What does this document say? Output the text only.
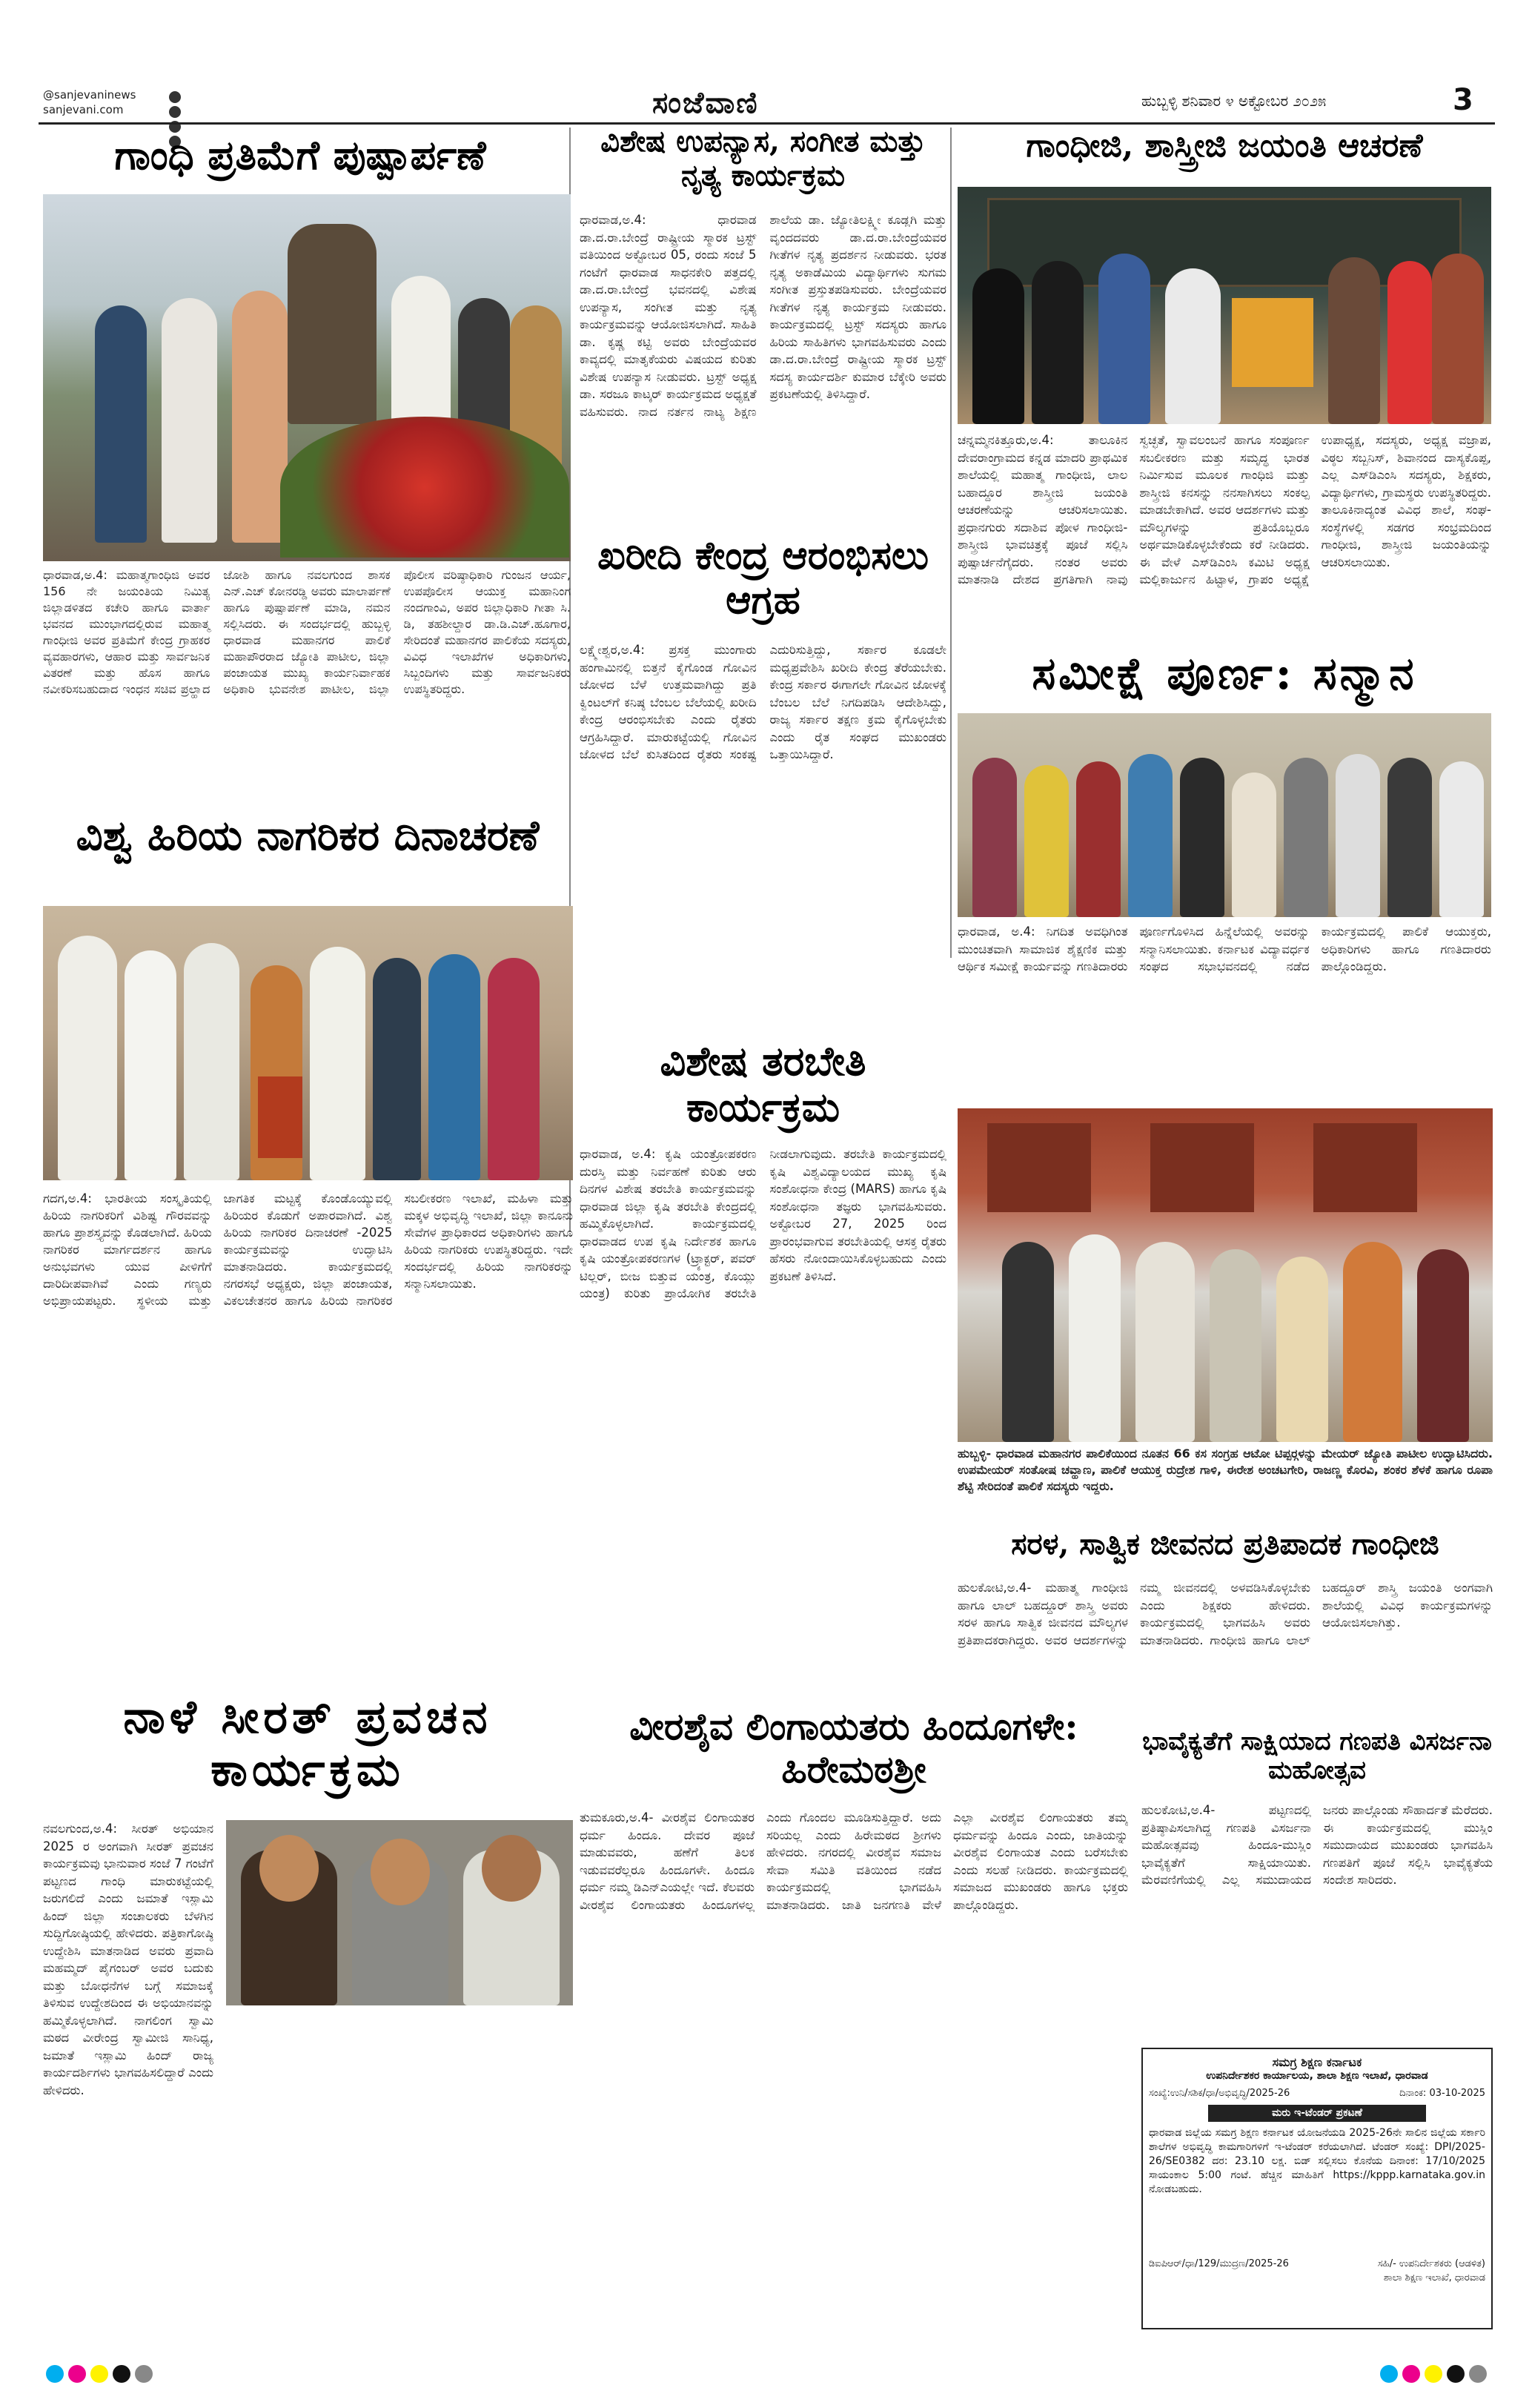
@sanjevaninews
sanjevani.com	ಸಂಜೆವಾಣಿ	ಹುಬ್ಬಳ್ಳಿ ಶನಿವಾರ ೪ ಅಕ್ಟೋಬರ ೨೦೨೫	3
ಗಾಂಧಿ ಪ್ರತಿಮೆಗೆ ಪುಷ್ಪಾರ್ಪಣೆ
ಧಾರವಾಡ,ಅ.4: ಮಹಾತ್ಮಗಾಂಧಿಜಿ ಅವರ 156 ನೇ ಜಯಂತಿಯ ನಿಮಿತ್ಯ ಜಿಲ್ಲಾಡಳಿತದ ಕಚೇರಿ ಹಾಗೂ ವಾರ್ತಾ ಭವನದ ಮುಂಭಾಗದಲ್ಲಿರುವ ಮಹಾತ್ಮ ಗಾಂಧೀಜಿ ಅವರ ಪ್ರತಿಮೆಗೆ ಕೇಂದ್ರ ಗ್ರಾಹಕರ ವ್ಯವಹಾರಗಳು, ಆಹಾರ ಮತ್ತು ಸಾರ್ವಜನಿಕ ವಿತರಣೆ ಮತ್ತು ಹೊಸ ಹಾಗೂ ನವೀಕರಿಸಬಹುದಾದ ಇಂಧನ ಸಚಿವ ಪ್ರಲ್ಹಾದ ಜೋಶಿ ಹಾಗೂ ನವಲಗುಂದ ಶಾಸಕ ಎನ್.ಎಚ್ ಕೋನರಡ್ಡಿ ಅವರು ಮಾಲಾರ್ಪಣೆ ಹಾಗೂ ಪುಷ್ಪಾರ್ಪಣೆ ಮಾಡಿ, ನಮನ ಸಲ್ಲಿಸಿದರು. ಈ ಸಂದರ್ಭದಲ್ಲಿ ಹುಬ್ಬಳ್ಳಿ ಧಾರವಾಡ ಮಹಾನಗರ ಪಾಲಿಕೆ ಮಹಾಪೌರರಾದ ಜ್ಯೋತಿ ಪಾಟೀಲ, ಜಿಲ್ಲಾ ಪಂಚಾಯತ ಮುಖ್ಯ ಕಾರ್ಯನಿರ್ವಾಹಕ ಅಧಿಕಾರಿ ಭುವನೇಶ ಪಾಟೀಲ, ಜಿಲ್ಲಾ ಪೊಲೀಸ ವರಿಷ್ಠಾಧಿಕಾರಿ ಗುಂಜನ ಆರ್ಯ, ಉಪಪೊಲೀಸ ಆಯುಕ್ತ ಮಹಾನಿಂಗ ನಂದಗಾಂವಿ, ಅಪರ ಜಿಲ್ಲಾಧಿಕಾರಿ ಗೀತಾ ಸಿ. ಡಿ, ತಹಶೀಲ್ದಾರ ಡಾ.ಡಿ.ಎಚ್.ಹೂಗಾರ, ಸೇರಿದಂತೆ ಮಹಾನಗರ ಪಾಲಿಕೆಯ ಸದಸ್ಯರು, ವಿವಿಧ ಇಲಾಖೆಗಳ ಅಧಿಕಾರಿಗಳು, ಸಿಬ್ಬಂದಿಗಳು ಮತ್ತು ಸಾರ್ವಜನಿಕರು ಉಪಸ್ಥಿತರಿದ್ದರು.
ವಿಶ್ವ ಹಿರಿಯ ನಾಗರಿಕರ ದಿನಾಚರಣೆ
ಗದಗ,ಅ.4: ಭಾರತೀಯ ಸಂಸ್ಕೃತಿಯಲ್ಲಿ ಹಿರಿಯ ನಾಗರಿಕರಿಗೆ ವಿಶಿಷ್ಟ ಗೌರವವನ್ನು ಹಾಗೂ ಪ್ರಾಶಸ್ತ್ಯವನ್ನು ಕೊಡಲಾಗಿದೆ. ಹಿರಿಯ ನಾಗರಿಕರ ಮಾರ್ಗದರ್ಶನ ಹಾಗೂ ಅನುಭವಗಳು ಯುವ ಪೀಳಿಗೆಗೆ ದಾರಿದೀಪವಾಗಿವೆ ಎಂದು ಗಣ್ಯರು ಅಭಿಪ್ರಾಯಪಟ್ಟರು. ಸ್ಥಳೀಯ ಮತ್ತು ಜಾಗತಿಕ ಮಟ್ಟಕ್ಕೆ ಕೊಂಡೊಯ್ಯುವಲ್ಲಿ ಹಿರಿಯರ ಕೊಡುಗೆ ಅಪಾರವಾಗಿದೆ. ವಿಶ್ವ ಹಿರಿಯ ನಾಗರಿಕರ ದಿನಾಚರಣೆ -2025 ಕಾರ್ಯಕ್ರಮವನ್ನು ಉದ್ಘಾಟಿಸಿ ಮಾತನಾಡಿದರು. ಕಾರ್ಯಕ್ರಮದಲ್ಲಿ ನಗರಸಭೆ ಅಧ್ಯಕ್ಷರು, ಜಿಲ್ಲಾ ಪಂಚಾಯತ, ವಿಕಲಚೇತನರ ಹಾಗೂ ಹಿರಿಯ ನಾಗರಿಕರ ಸಬಲೀಕರಣ ಇಲಾಖೆ, ಮಹಿಳಾ ಮತ್ತು ಮಕ್ಕಳ ಅಭಿವೃದ್ಧಿ ಇಲಾಖೆ, ಜಿಲ್ಲಾ ಕಾನೂನು ಸೇವೆಗಳ ಪ್ರಾಧಿಕಾರದ ಅಧಿಕಾರಿಗಳು ಹಾಗೂ ಹಿರಿಯ ನಾಗರಿಕರು ಉಪಸ್ಥಿತರಿದ್ದರು. ಇದೇ ಸಂದರ್ಭದಲ್ಲಿ ಹಿರಿಯ ನಾಗರಿಕರನ್ನು ಸನ್ಮಾನಿಸಲಾಯಿತು.
ನಾಳೆ ಸೀರತ್ ಪ್ರವಚನ ಕಾರ್ಯಕ್ರಮ
ನವಲಗುಂದ,ಅ.4: ಸೀರತ್ ಅಭಿಯಾನ 2025 ರ ಅಂಗವಾಗಿ ಸೀರತ್ ಪ್ರವಚನ ಕಾರ್ಯಕ್ರಮವು ಭಾನುವಾರ ಸಂಜೆ 7 ಗಂಟೆಗೆ ಪಟ್ಟಣದ ಗಾಂಧಿ ಮಾರುಕಟ್ಟೆಯಲ್ಲಿ ಜರುಗಲಿದೆ ಎಂದು ಜಮಾತೆ ಇಸ್ಲಾಮಿ ಹಿಂದ್ ಜಿಲ್ಲಾ ಸಂಚಾಲಕರು ಬೆಳಗಿನ ಸುದ್ದಿಗೋಷ್ಠಿಯಲ್ಲಿ ಹೇಳಿದರು. ಪತ್ರಿಕಾಗೋಷ್ಠಿ ಉದ್ದೇಶಿಸಿ ಮಾತನಾಡಿದ ಅವರು ಪ್ರವಾದಿ ಮಹಮ್ಮದ್ ಪೈಗಂಬರ್ ಅವರ ಬದುಕು ಮತ್ತು ಬೋಧನೆಗಳ ಬಗ್ಗೆ ಸಮಾಜಕ್ಕೆ ತಿಳಿಸುವ ಉದ್ದೇಶದಿಂದ ಈ ಅಭಿಯಾನವನ್ನು ಹಮ್ಮಿಕೊಳ್ಳಲಾಗಿದೆ. ನಾಗಲಿಂಗ ಸ್ವಾಮಿ ಮಠದ ವೀರೇಂದ್ರ ಸ್ವಾಮೀಜಿ ಸಾನಿಧ್ಯ, ಜಮಾತೆ ಇಸ್ಲಾಮಿ ಹಿಂದ್ ರಾಜ್ಯ ಕಾರ್ಯದರ್ಶಿಗಳು ಭಾಗವಹಿಸಲಿದ್ದಾರೆ ಎಂದು ಹೇಳಿದರು.
ವಿಶೇಷ ಉಪನ್ಯಾಸ, ಸಂಗೀತ ಮತ್ತು ನೃತ್ಯ ಕಾರ್ಯಕ್ರಮ
ಧಾರವಾಡ,ಅ.4: ಧಾರವಾಡ ಡಾ.ದ.ರಾ.ಬೇಂದ್ರೆ ರಾಷ್ಟ್ರೀಯ ಸ್ಮಾರಕ ಟ್ರಸ್ಟ್ ವತಿಯಿಂದ ಅಕ್ಟೋಬರ 05, ರಂದು ಸಂಜೆ 5 ಗಂಟೆಗೆ ಧಾರವಾಡ ಸಾಧನಕೇರಿ ಪತ್ತದಲ್ಲಿ ಡಾ.ದ.ರಾ.ಬೇಂದ್ರೆ ಭವನದಲ್ಲಿ ವಿಶೇಷ ಉಪನ್ಯಾಸ, ಸಂಗೀತ ಮತ್ತು ನೃತ್ಯ ಕಾರ್ಯಕ್ರಮವನ್ನು ಆಯೋಜಿಸಲಾಗಿದೆ. ಸಾಹಿತಿ ಡಾ. ಕೃಷ್ಣ ಕಟ್ಟಿ ಅವರು ಬೇಂದ್ರೆಯವರ ಕಾವ್ಯದಲ್ಲಿ ಮಾತೃಕೆಯರು ವಿಷಯದ ಕುರಿತು ವಿಶೇಷ ಉಪನ್ಯಾಸ ನೀಡುವರು. ಟ್ರಸ್ಟ್ ಅಧ್ಯಕ್ಷ ಡಾ. ಸರಜೂ ಕಾಟ್ಕರ್ ಕಾರ್ಯಕ್ರಮದ ಅಧ್ಯಕ್ಷತೆ ವಹಿಸುವರು. ನಾದ ನರ್ತನ ನಾಟ್ಯ ಶಿಕ್ಷಣ ಶಾಲೆಯ ಡಾ. ಜ್ಯೋತಿಲಕ್ಷ್ಮೀ ಕೂಡ್ಲಗಿ ಮತ್ತು ವೃಂದದವರು ಡಾ.ದ.ರಾ.ಬೇಂದ್ರೆಯವರ ಗೀತೆಗಳ ನೃತ್ಯ ಪ್ರದರ್ಶನ ನೀಡುವರು. ಭರತ ನೃತ್ಯ ಅಕಾಡೆಮಿಯ ವಿದ್ಯಾರ್ಥಿಗಳು ಸುಗಮ ಸಂಗೀತ ಪ್ರಸ್ತುತಪಡಿಸುವರು. ಬೇಂದ್ರೆಯವರ ಗೀತೆಗಳ ನೃತ್ಯ ಕಾರ್ಯಕ್ರಮ ನೀಡುವರು. ಕಾರ್ಯಕ್ರಮದಲ್ಲಿ ಟ್ರಸ್ಟ್ ಸದಸ್ಯರು ಹಾಗೂ ಹಿರಿಯ ಸಾಹಿತಿಗಳು ಭಾಗವಹಿಸುವರು ಎಂದು ಡಾ.ದ.ರಾ.ಬೇಂದ್ರೆ ರಾಷ್ಟ್ರೀಯ ಸ್ಮಾರಕ ಟ್ರಸ್ಟ್ ಸದಸ್ಯ ಕಾರ್ಯದರ್ಶಿ ಕುಮಾರ ಬೆಕ್ಕೇರಿ ಅವರು ಪ್ರಕಟಣೆಯಲ್ಲಿ ತಿಳಿಸಿದ್ದಾರೆ.
ಖರೀದಿ ಕೇಂದ್ರ ಆರಂಭಿಸಲು ಆಗ್ರಹ
ಲಕ್ಷ್ಮೇಶ್ವರ,ಅ.4: ಪ್ರಸಕ್ತ ಮುಂಗಾರು ಹಂಗಾಮಿನಲ್ಲಿ ಬಿತ್ತನೆ ಕೈಗೊಂಡ ಗೋವಿನ ಜೋಳದ ಬೆಳೆ ಉತ್ತಮವಾಗಿದ್ದು ಪ್ರತಿ ಕ್ವಿಂಟಲ್‍ಗೆ ಕನಿಷ್ಠ ಬೆಂಬಲ ಬೆಲೆಯಲ್ಲಿ ಖರೀದಿ ಕೇಂದ್ರ ಆರಂಭಿಸಬೇಕು ಎಂದು ರೈತರು ಆಗ್ರಹಿಸಿದ್ದಾರೆ. ಮಾರುಕಟ್ಟೆಯಲ್ಲಿ ಗೋವಿನ ಜೋಳದ ಬೆಲೆ ಕುಸಿತದಿಂದ ರೈತರು ಸಂಕಷ್ಟ ಎದುರಿಸುತ್ತಿದ್ದು, ಸರ್ಕಾರ ಕೂಡಲೇ ಮಧ್ಯಪ್ರವೇಶಿಸಿ ಖರೀದಿ ಕೇಂದ್ರ ತೆರೆಯಬೇಕು. ಕೇಂದ್ರ ಸರ್ಕಾರ ಈಗಾಗಲೇ ಗೋವಿನ ಜೋಳಕ್ಕೆ ಬೆಂಬಲ ಬೆಲೆ ನಿಗದಿಪಡಿಸಿ ಆದೇಶಿಸಿದ್ದು, ರಾಜ್ಯ ಸರ್ಕಾರ ತಕ್ಷಣ ಕ್ರಮ ಕೈಗೊಳ್ಳಬೇಕು ಎಂದು ರೈತ ಸಂಘದ ಮುಖಂಡರು ಒತ್ತಾಯಿಸಿದ್ದಾರೆ.
ವಿಶೇಷ ತರಬೇತಿ ಕಾರ್ಯಕ್ರಮ
ಧಾರವಾಡ, ಅ.4: ಕೃಷಿ ಯಂತ್ರೋಪಕರಣ ದುರಸ್ತಿ ಮತ್ತು ನಿರ್ವಹಣೆ ಕುರಿತು ಆರು ದಿನಗಳ ವಿಶೇಷ ತರಬೇತಿ ಕಾರ್ಯಕ್ರಮವನ್ನು ಧಾರವಾಡ ಜಿಲ್ಲಾ ಕೃಷಿ ತರಬೇತಿ ಕೇಂದ್ರದಲ್ಲಿ ಹಮ್ಮಿಕೊಳ್ಳಲಾಗಿದೆ. ಕಾರ್ಯಕ್ರಮದಲ್ಲಿ ಧಾರವಾಡದ ಉಪ ಕೃಷಿ ನಿರ್ದೇಶಕ ಹಾಗೂ ಕೃಷಿ ಯಂತ್ರೋಪಕರಣಗಳ (ಟ್ರ್ಯಾಕ್ಟರ್, ಪವರ್ ಟಿಲ್ಲರ್, ಬೀಜ ಬಿತ್ತುವ ಯಂತ್ರ, ಕೊಯ್ಲು ಯಂತ್ರ) ಕುರಿತು ಪ್ರಾಯೋಗಿಕ ತರಬೇತಿ ನೀಡಲಾಗುವುದು. ತರಬೇತಿ ಕಾರ್ಯಕ್ರಮದಲ್ಲಿ ಕೃಷಿ ವಿಶ್ವವಿದ್ಯಾಲಯದ ಮುಖ್ಯ ಕೃಷಿ ಸಂಶೋಧನಾ ಕೇಂದ್ರ (MARS) ಹಾಗೂ ಕೃಷಿ ಸಂಶೋಧನಾ ತಜ್ಞರು ಭಾಗವಹಿಸುವರು. ಅಕ್ಟೋಬರ 27, 2025 ರಿಂದ ಪ್ರಾರಂಭವಾಗುವ ತರಬೇತಿಯಲ್ಲಿ ಆಸಕ್ತ ರೈತರು ಹೆಸರು ನೋಂದಾಯಿಸಿಕೊಳ್ಳಬಹುದು ಎಂದು ಪ್ರಕಟಣೆ ತಿಳಿಸಿದೆ.
ಗಾಂಧೀಜಿ, ಶಾಸ್ತ್ರೀಜಿ ಜಯಂತಿ ಆಚರಣೆ
ಚನ್ನಮ್ಮನಕಿತ್ತೂರು,ಅ.4: ತಾಲೂಕಿನ ದೇವರಾಂಗ್ರಾಮದ ಕನ್ನಡ ಮಾದರಿ ಪ್ರಾಥಮಿಕ ಶಾಲೆಯಲ್ಲಿ ಮಹಾತ್ಮ ಗಾಂಧೀಜಿ, ಲಾಲ ಬಹಾದ್ದೂರ ಶಾಸ್ತ್ರೀಜಿ ಜಯಂತಿ ಆಚರಣೆಯನ್ನು ಆಚರಿಸಲಾಯಿತು. ಪ್ರಧಾನಗುರು ಸದಾಶಿವ ಪೋಳ ಗಾಂಧೀಜಿ-ಶಾಸ್ತ್ರೀಜಿ ಭಾವಚಿತ್ರಕ್ಕೆ ಪೂಜೆ ಸಲ್ಲಿಸಿ ಪುಷ್ಪಾರ್ಚನೆಗೈದರು. ನಂತರ ಅವರು ಮಾತನಾಡಿ ದೇಶದ ಪ್ರಗತಿಗಾಗಿ ನಾವು ಸ್ವಚ್ಛತೆ, ಸ್ವಾವಲಂಬನೆ ಹಾಗೂ ಸಂಪೂರ್ಣ ಸಬಲೀಕರಣ ಮತ್ತು ಸಮೃದ್ಧ ಭಾರತ ನಿರ್ಮಿಸುವ ಮೂಲಕ ಗಾಂಧಿಜಿ ಮತ್ತು ಶಾಸ್ತ್ರೀಜಿ ಕನಸನ್ನು ನನಸಾಗಿಸಲು ಸಂಕಲ್ಪ ಮಾಡಬೇಕಾಗಿದೆ. ಅವರ ಆದರ್ಶಗಳು ಮತ್ತು ಮೌಲ್ಯಗಳನ್ನು ಪ್ರತಿಯೊಬ್ಬರೂ ಅರ್ಥಮಾಡಿಕೊಳ್ಳಬೇಕೆಂದು ಕರೆ ನೀಡಿದರು. ಈ ವೇಳೆ ಎಸ್‍ಡಿಎಂಸಿ ಕಮಿಟಿ ಅಧ್ಯಕ್ಷ ಮಲ್ಲಿಕಾರ್ಜುನ ಹಿಟ್ಟಾಳ, ಗ್ರಾಪಂ ಅಧ್ಯಕ್ಷೆ ಉಪಾಧ್ಯಕ್ಷ, ಸದಸ್ಯರು, ಅಧ್ಯಕ್ಷ ವಜ್ರಾಪ, ವಿಠ್ಠಲ ಸಬ್ಬನಿಸ್, ಶಿವಾನಂದ ದಾಸ್ಯಕೊಪ್ಪ, ಎಲ್ಲ ಎಸ್‍ಡಿಎಂಸಿ ಸದಸ್ಯರು, ಶಿಕ್ಷಕರು, ವಿದ್ಯಾರ್ಥಿಗಳು, ಗ್ರಾಮಸ್ಥರು ಉಪಸ್ಥಿತರಿದ್ದರು. ತಾಲೂಕಿನಾದ್ಯಂತ ವಿವಿಧ ಶಾಲೆ, ಸಂಘ-ಸಂಸ್ಥೆಗಳಲ್ಲಿ ಸಡಗರ ಸಂಭ್ರಮದಿಂದ ಗಾಂಧೀಜಿ, ಶಾಸ್ತ್ರೀಜಿ ಜಯಂತಿಯನ್ನು ಆಚರಿಸಲಾಯಿತು.
ಸಮೀಕ್ಷೆ ಪೂರ್ಣ: ಸನ್ಮಾನ
ಧಾರವಾಡ, ಅ.4: ನಿಗದಿತ ಅವಧಿಗಿಂತ ಮುಂಚಿತವಾಗಿ ಸಾಮಾಜಿಕ ಶೈಕ್ಷಣಿಕ ಮತ್ತು ಆರ್ಥಿಕ ಸಮೀಕ್ಷೆ ಕಾರ್ಯವನ್ನು ಗಣತಿದಾರರು ಪೂರ್ಣಗೊಳಿಸಿದ ಹಿನ್ನೆಲೆಯಲ್ಲಿ ಅವರನ್ನು ಸನ್ಮಾನಿಸಲಾಯಿತು. ಕರ್ನಾಟಕ ವಿದ್ಯಾವರ್ಧಕ ಸಂಘದ ಸಭಾಭವನದಲ್ಲಿ ನಡೆದ ಕಾರ್ಯಕ್ರಮದಲ್ಲಿ ಪಾಲಿಕೆ ಆಯುಕ್ತರು, ಅಧಿಕಾರಿಗಳು ಹಾಗೂ ಗಣತಿದಾರರು ಪಾಲ್ಗೊಂಡಿದ್ದರು.
ಹುಬ್ಬಳ್ಳಿ- ಧಾರವಾಡ ಮಹಾನಗರ ಪಾಲಿಕೆಯಿಂದ ನೂತನ 66 ಕಸ ಸಂಗ್ರಹ ಆಟೋ ಟಿಪ್ಪರ್‍ಗಳನ್ನು ಮೇಯರ್ ಜ್ಯೋತಿ ಪಾಟೀಲ ಉದ್ಘಾಟಿಸಿದರು. ಉಪಮೇಯರ್ ಸಂತೋಷ ಚವ್ಹಾಣ, ಪಾಲಿಕೆ ಆಯುಕ್ತ ರುದ್ರೇಶ ಗಾಳಿ, ಈರೇಶ ಅಂಚಟಗೇರಿ, ರಾಜಣ್ಣ ಕೊರವಿ, ಶಂಕರ ಶೆಳಕೆ ಹಾಗೂ ರೂಪಾ ಶೆಟ್ಟಿ ಸೇರಿದಂತೆ ಪಾಲಿಕೆ ಸದಸ್ಯರು ಇದ್ದರು.
ಸರಳ, ಸಾತ್ವಿಕ ಜೀವನದ ಪ್ರತಿಪಾದಕ ಗಾಂಧೀಜಿ
ಹುಲಕೋಟಿ,ಅ.4- ಮಹಾತ್ಮ ಗಾಂಧೀಜಿ ಹಾಗೂ ಲಾಲ್ ಬಹದ್ದೂರ್ ಶಾಸ್ತ್ರಿ ಅವರು ಸರಳ ಹಾಗೂ ಸಾತ್ವಿಕ ಜೀವನದ ಮೌಲ್ಯಗಳ ಪ್ರತಿಪಾದಕರಾಗಿದ್ದರು. ಅವರ ಆದರ್ಶಗಳನ್ನು ನಮ್ಮ ಜೀವನದಲ್ಲಿ ಅಳವಡಿಸಿಕೊಳ್ಳಬೇಕು ಎಂದು ಶಿಕ್ಷಕರು ಹೇಳಿದರು. ಕಾರ್ಯಕ್ರಮದಲ್ಲಿ ಭಾಗವಹಿಸಿ ಅವರು ಮಾತನಾಡಿದರು. ಗಾಂಧೀಜಿ ಹಾಗೂ ಲಾಲ್ ಬಹದ್ದೂರ್ ಶಾಸ್ತ್ರಿ ಜಯಂತಿ ಅಂಗವಾಗಿ ಶಾಲೆಯಲ್ಲಿ ವಿವಿಧ ಕಾರ್ಯಕ್ರಮಗಳನ್ನು ಆಯೋಜಿಸಲಾಗಿತ್ತು.
ವೀರಶೈವ ಲಿಂಗಾಯತರು ಹಿಂದೂಗಳೇ: ಹಿರೇಮಠಶ್ರೀ
ತುಮಕೂರು,ಅ.4- ವೀರಶೈವ ಲಿಂಗಾಯತರ ಧರ್ಮ ಹಿಂದೂ. ದೇವರ ಪೂಜೆ ಮಾಡುವವರು, ಹಣೆಗೆ ತಿಲಕ ಇಡುವವರೆಲ್ಲರೂ ಹಿಂದೂಗಳೇ. ಹಿಂದೂ ಧರ್ಮ ನಮ್ಮ ಡಿಎನ್‍ಎಯಲ್ಲೇ ಇದೆ. ಕೆಲವರು ವೀರಶೈವ ಲಿಂಗಾಯತರು ಹಿಂದೂಗಳಲ್ಲ ಎಂದು ಗೊಂದಲ ಮೂಡಿಸುತ್ತಿದ್ದಾರೆ. ಅದು ಸರಿಯಲ್ಲ ಎಂದು ಹಿರೇಮಠದ ಶ್ರೀಗಳು ಹೇಳಿದರು. ನಗರದಲ್ಲಿ ವೀರಶೈವ ಸಮಾಜ ಸೇವಾ ಸಮಿತಿ ವತಿಯಿಂದ ನಡೆದ ಕಾರ್ಯಕ್ರಮದಲ್ಲಿ ಭಾಗವಹಿಸಿ ಮಾತನಾಡಿದರು. ಜಾತಿ ಜನಗಣತಿ ವೇಳೆ ಎಲ್ಲಾ ವೀರಶೈವ ಲಿಂಗಾಯತರು ತಮ್ಮ ಧರ್ಮವನ್ನು ಹಿಂದೂ ಎಂದು, ಜಾತಿಯನ್ನು ವೀರಶೈವ ಲಿಂಗಾಯತ ಎಂದು ಬರೆಸಬೇಕು ಎಂದು ಸಲಹೆ ನೀಡಿದರು. ಕಾರ್ಯಕ್ರಮದಲ್ಲಿ ಸಮಾಜದ ಮುಖಂಡರು ಹಾಗೂ ಭಕ್ತರು ಪಾಲ್ಗೊಂಡಿದ್ದರು.
ಭಾವೈಕ್ಯತೆಗೆ ಸಾಕ್ಷಿಯಾದ ಗಣಪತಿ ವಿಸರ್ಜನಾ ಮಹೋತ್ಸವ
ಹುಲಕೋಟಿ,ಅ.4- ಪಟ್ಟಣದಲ್ಲಿ ಪ್ರತಿಷ್ಠಾಪಿಸಲಾಗಿದ್ದ ಗಣಪತಿ ವಿಸರ್ಜನಾ ಮಹೋತ್ಸವವು ಹಿಂದೂ-ಮುಸ್ಲಿಂ ಭಾವೈಕ್ಯತೆಗೆ ಸಾಕ್ಷಿಯಾಯಿತು. ಮೆರವಣಿಗೆಯಲ್ಲಿ ಎಲ್ಲ ಸಮುದಾಯದ ಜನರು ಪಾಲ್ಗೊಂಡು ಸೌಹಾರ್ದತೆ ಮೆರೆದರು. ಈ ಕಾರ್ಯಕ್ರಮದಲ್ಲಿ ಮುಸ್ಲಿಂ ಸಮುದಾಯದ ಮುಖಂಡರು ಭಾಗವಹಿಸಿ ಗಣಪತಿಗೆ ಪೂಜೆ ಸಲ್ಲಿಸಿ ಭಾವೈಕ್ಯತೆಯ ಸಂದೇಶ ಸಾರಿದರು.
ಸಮಗ್ರ ಶಿಕ್ಷಣ ಕರ್ನಾಟಕ
ಉಪನಿರ್ದೇಶಕರ ಕಾರ್ಯಾಲಯ, ಶಾಲಾ ಶಿಕ್ಷಣ ಇಲಾಖೆ, ಧಾರವಾಡ
ಸಂಖ್ಯೆ:ಉನಿ/ಸಶಿಕ/ಧಾ/ಅಭಿವೃದ್ಧಿ/2025-26	ದಿನಾಂಕ: 03-10-2025
ಮರು ಇ-ಟೆಂಡರ್ ಪ್ರಕಟಣೆ
ಧಾರವಾಡ ಜಿಲ್ಲೆಯ ಸಮಗ್ರ ಶಿಕ್ಷಣ ಕರ್ನಾಟಕ ಯೋಜನೆಯಡಿ 2025-26ನೇ ಸಾಲಿನ ಜಿಲ್ಲೆಯ ಸರ್ಕಾರಿ ಶಾಲೆಗಳ ಅಭಿವೃದ್ಧಿ ಕಾಮಗಾರಿಗಳಿಗೆ ಇ-ಟೆಂಡರ್ ಕರೆಯಲಾಗಿದೆ. ಟೆಂಡರ್ ಸಂಖ್ಯೆ: DPI/2025-26/SE0382 ದರ: 23.10 ಲಕ್ಷ. ಬಿಡ್ ಸಲ್ಲಿಸಲು ಕೊನೆಯ ದಿನಾಂಕ: 17/10/2025 ಸಾಯಂಕಾಲ 5:00 ಗಂಟೆ. ಹೆಚ್ಚಿನ ಮಾಹಿತಿಗೆ https://kppp.karnataka.gov.in ನೋಡಬಹುದು.
ಡಿಐಪಿಆರ್/ಧಾ/129/ಮುದ್ರಣ/2025-26	ಸಹಿ/- ಉಪನಿರ್ದೇಶಕರು (ಆಡಳಿತ)
ಶಾಲಾ ಶಿಕ್ಷಣ ಇಲಾಖೆ, ಧಾರವಾಡ
